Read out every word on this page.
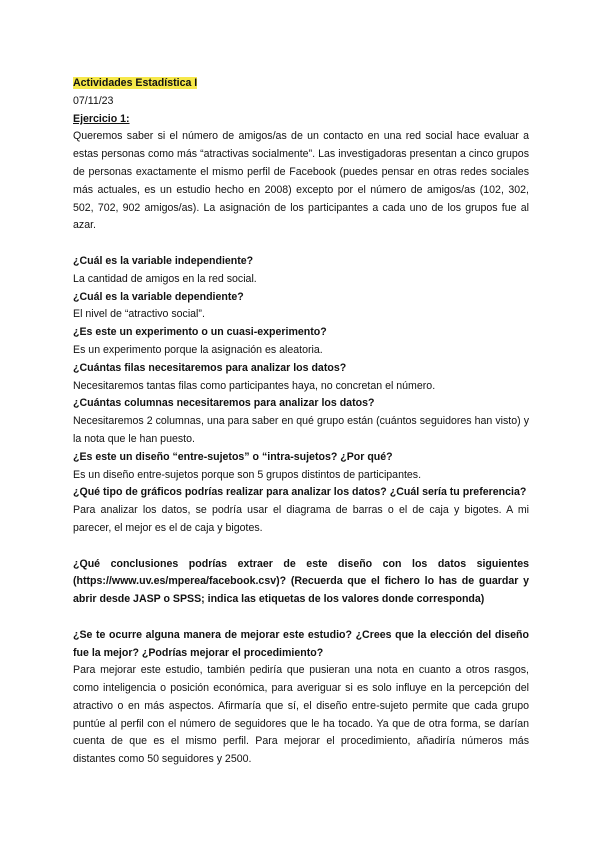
Actividades Estadística I

07/11/23

Ejercicio 1:

Queremos saber si el número de amigos/as de un contacto en una red social hace evaluar a estas personas como más “atractivas socialmente”. Las investigadoras presentan a cinco grupos de personas exactamente el mismo perfil de Facebook (puedes pensar en otras redes sociales más actuales, es un estudio hecho en 2008) excepto por el número de amigos/as (102, 302, 502, 702, 902 amigos/as). La asignación de los participantes a cada uno de los grupos fue al azar.

¿Cuál es la variable independiente?

La cantidad de amigos en la red social.

¿Cuál es la variable dependiente?

El nivel de “atractivo social”.

¿Es este un experimento o un cuasi-experimento?

Es un experimento porque la asignación es aleatoria.

¿Cuántas filas necesitaremos para analizar los datos?

Necesitaremos tantas filas como participantes haya, no concretan el número.

¿Cuántas columnas necesitaremos para analizar los datos?

Necesitaremos 2 columnas, una para saber en qué grupo están (cuántos seguidores han visto) y la nota que le han puesto.

¿Es este un diseño “entre-sujetos” o “intra-sujetos? ¿Por qué?

Es un diseño entre-sujetos porque son 5 grupos distintos de participantes.

¿Qué tipo de gráficos podrías realizar para analizar los datos? ¿Cuál sería tu preferencia?

Para analizar los datos, se podría usar el diagrama de barras o el de caja y bigotes. A mi parecer, el mejor es el de caja y bigotes.

¿Qué conclusiones podrías extraer de este diseño con los datos siguientes (https://www.uv.es/mperea/facebook.csv)? (Recuerda que el fichero lo has de guardar y abrir desde JASP o SPSS; indica las etiquetas de los valores donde corresponda)

¿Se te ocurre alguna manera de mejorar este estudio? ¿Crees que la elección del diseño fue la mejor? ¿Podrías mejorar el procedimiento?

Para mejorar este estudio, también pediría que pusieran una nota en cuanto a otros rasgos, como inteligencia o posición económica, para averiguar si es solo influye en la percepción del atractivo o en más aspectos. Afirmaría que sí, el diseño entre-sujeto permite que cada grupo puntúe al perfil con el número de seguidores que le ha tocado. Ya que de otra forma, se darían cuenta de que es el mismo perfil. Para mejorar el procedimiento, añadiría números más distantes como 50 seguidores y 2500.
